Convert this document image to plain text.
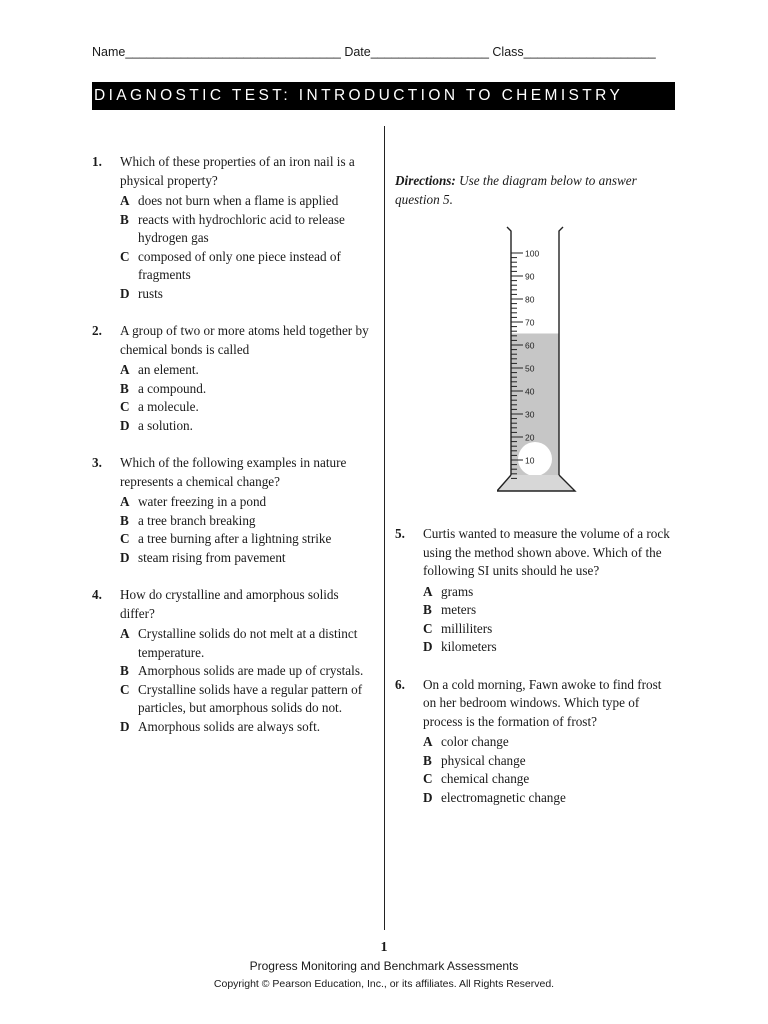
Name_______________________________ Date_________________ Class___________________
DIAGNOSTIC TEST: INTRODUCTION TO CHEMISTRY
1. Which of these properties of an iron nail is a physical property?
A does not burn when a flame is applied
B reacts with hydrochloric acid to release hydrogen gas
C composed of only one piece instead of fragments
D rusts
2. A group of two or more atoms held together by chemical bonds is called
A an element.
B a compound.
C a molecule.
D a solution.
3. Which of the following examples in nature represents a chemical change?
A water freezing in a pond
B a tree branch breaking
C a tree burning after a lightning strike
D steam rising from pavement
4. How do crystalline and amorphous solids differ?
A Crystalline solids do not melt at a distinct temperature.
B Amorphous solids are made up of crystals.
C Crystalline solids have a regular pattern of particles, but amorphous solids do not.
D Amorphous solids are always soft.
Directions: Use the diagram below to answer question 5.
100
90
80
70
60
50
40
30
20
10
5. Curtis wanted to measure the volume of a rock using the method shown above. Which of the following SI units should he use?
A grams
B meters
C milliliters
D kilometers
6. On a cold morning, Fawn awoke to find frost on her bedroom windows. Which type of process is the formation of frost?
A color change
B physical change
C chemical change
D electromagnetic change
1
Progress Monitoring and Benchmark Assessments
Copyright © Pearson Education, Inc., or its affiliates. All Rights Reserved.
